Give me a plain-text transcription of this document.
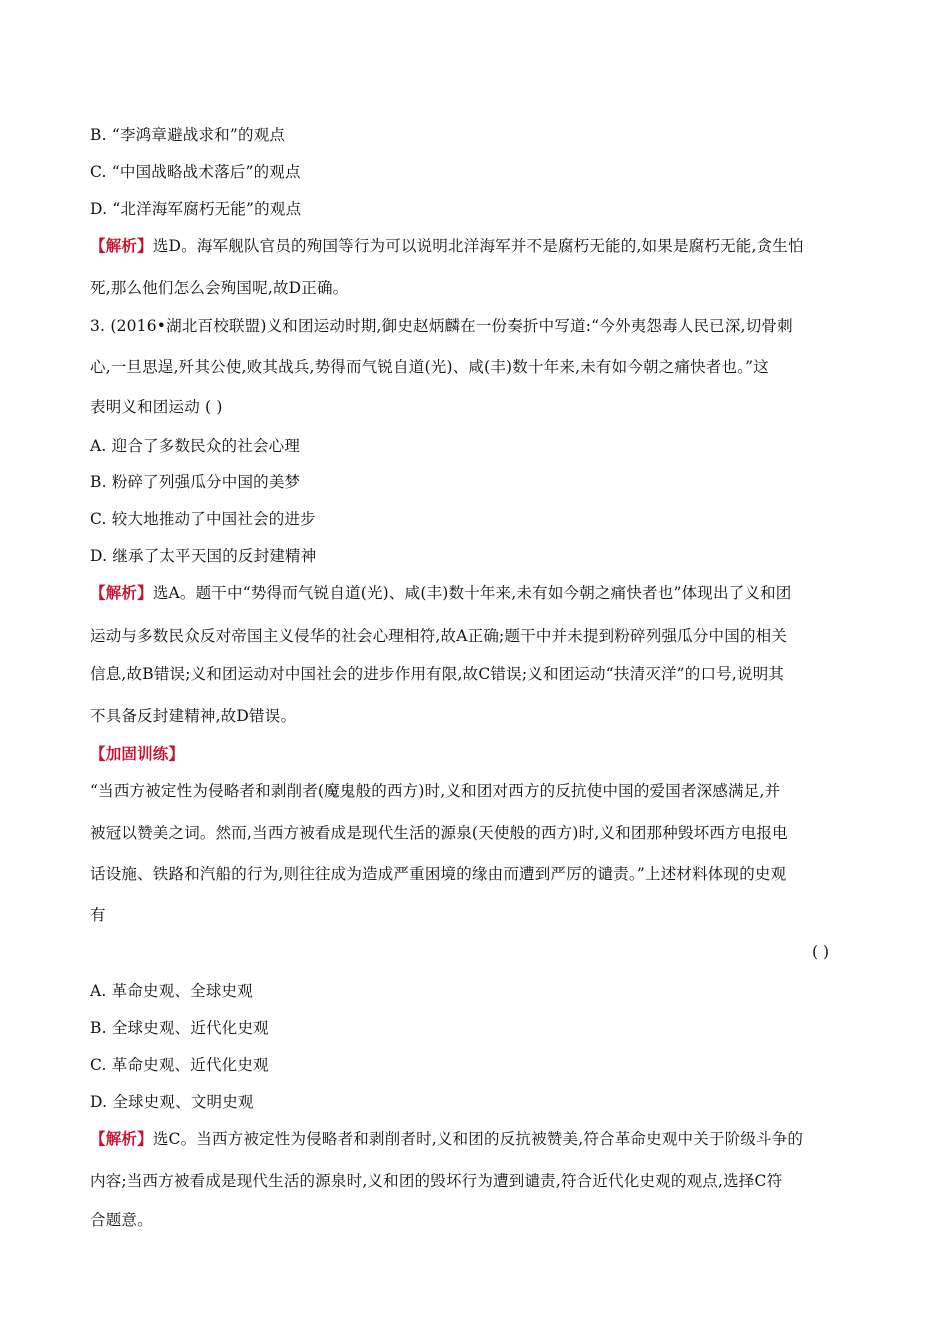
B. “李鸿章避战求和”的观点
C. “中国战略战术落后”的观点
D. “北洋海军腐朽无能”的观点
【解析】选D。海军舰队官员的殉国等行为可以说明北洋海军并不是腐朽无能的,如果是腐朽无能,贪生怕
死,那么他们怎么会殉国呢,故D正确。
3. (2016•湖北百校联盟)义和团运动时期,御史赵炳麟在一份奏折中写道:“今外夷怨毒人民已深,切骨刺
心,一旦思逞,歼其公使,败其战兵,势得而气锐自道(光)、咸(丰)数十年来,未有如今朝之痛快者也。”这
表明义和团运动 ( )
A. 迎合了多数民众的社会心理
B. 粉碎了列强瓜分中国的美梦
C. 较大地推动了中国社会的进步
D. 继承了太平天国的反封建精神
【解析】选A。题干中“势得而气锐自道(光)、咸(丰)数十年来,未有如今朝之痛快者也”体现出了义和团
运动与多数民众反对帝国主义侵华的社会心理相符,故A正确;题干中并未提到粉碎列强瓜分中国的相关
信息,故B错误;义和团运动对中国社会的进步作用有限,故C错误;义和团运动“扶清灭洋”的口号,说明其
不具备反封建精神,故D错误。
【加固训练】
“当西方被定性为侵略者和剥削者(魔鬼般的西方)时,义和团对西方的反抗使中国的爱国者深感满足,并
被冠以赞美之词。然而,当西方被看成是现代生活的源泉(天使般的西方)时,义和团那种毁坏西方电报电
话设施、铁路和汽船的行为,则往往成为造成严重困境的缘由而遭到严厉的谴责。”上述材料体现的史观
有
( )
A. 革命史观、全球史观
B. 全球史观、近代化史观
C. 革命史观、近代化史观
D. 全球史观、文明史观
【解析】选C。当西方被定性为侵略者和剥削者时,义和团的反抗被赞美,符合革命史观中关于阶级斗争的
内容;当西方被看成是现代生活的源泉时,义和团的毁坏行为遭到谴责,符合近代化史观的观点,选择C符
合题意。
